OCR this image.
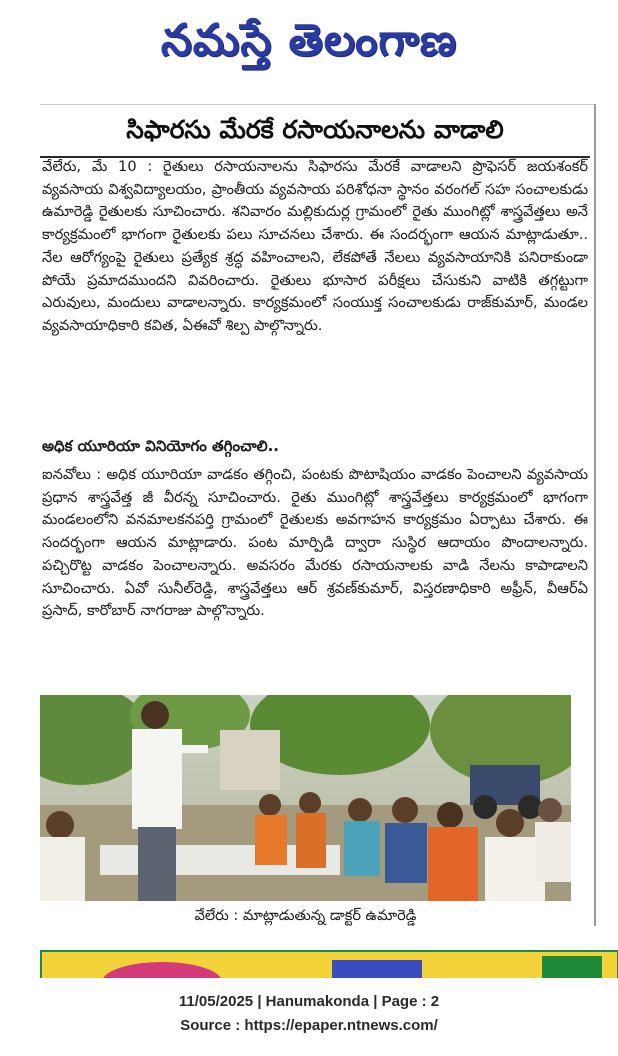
నమస్తే తెలంగాణ
సిఫారసు మేరకే రసాయనాలను వాడాలి

వేలేరు, మే 10 : రైతులు రసాయనాలను సిఫారసు మేరకే వాడాలని ప్రొఫెసర్ జయశంకర్ వ్యవసాయ విశ్వవిద్యాలయం, ప్రాంతీయ వ్యవసాయ పరిశోధనా స్థానం వరంగల్ సహ సంచాలకుడు ఉమారెడ్డి రైతులకు సూచించారు. శనివారం మల్లికుదుర్ల గ్రామంలో రైతు ముంగిట్లో శాస్త్రవేత్తలు అనే కార్యక్రమంలో భాగంగా రైతులకు పలు సూచనలు చేశారు. ఈ సందర్భంగా ఆయన మాట్లాడుతూ.. నేల ఆరోగ్యంపై రైతులు ప్రత్యేక శ్రద్ధ వహించాలని, లేకపోతే నేలలు వ్యవసాయానికి పనిరాకుండా పోయే ప్రమాదముందని వివరించారు. రైతులు భూసార పరీక్షలు చేసుకుని వాటికి తగ్గట్టుగా ఎరువులు, మందులు వాడాలన్నారు. కార్యక్రమంలో సంయుక్త సంచాలకుడు రాజ్‌కుమార్, మండల వ్యవసాయాధికారి కవిత, ఏఈవో శిల్ప పాల్గొన్నారు.

అధిక యూరియా వినియోగం తగ్గించాలి..

ఐనవోలు : అధిక యూరియా వాడకం తగ్గించి, పంటకు పొటాషియం వాడకం పెంచాలని వ్యవసాయ ప్రధాన శాస్త్రవేత్త జీ వీరన్న సూచించారు. రైతు ముంగిట్లో శాస్త్రవేత్తలు కార్యక్రమంలో భాగంగా మండలంలోని వనమాలకనపర్తి గ్రామంలో రైతులకు అవగాహన కార్యక్రమం ఏర్పాటు చేశారు. ఈ సందర్భంగా ఆయన మాట్లాడారు. పంట మార్పిడి ద్వారా సుస్థిర ఆదాయం పొందాలన్నారు. పచ్చిరొట్ట వాడకం పెంచాలన్నారు. అవసరం మేరకు రసాయనాలకు వాడి నేలను కాపాడాలని సూచించారు. ఏవో సునీల్‌రెడ్డి, శాస్త్రవేత్తలు ఆర్ శ్రవణ్‌కుమార్, విస్తరణాధికారి అఫ్రీన్, వీఆర్‌ఏ ప్రసాద్, కారోబార్ నాగరాజు పాల్గొన్నారు.

వేలేరు : మాట్లాడుతున్న డాక్టర్ ఉమారెడ్డి
11/05/2025 | Hanumakonda | Page : 2
Source : https://epaper.ntnews.com/
